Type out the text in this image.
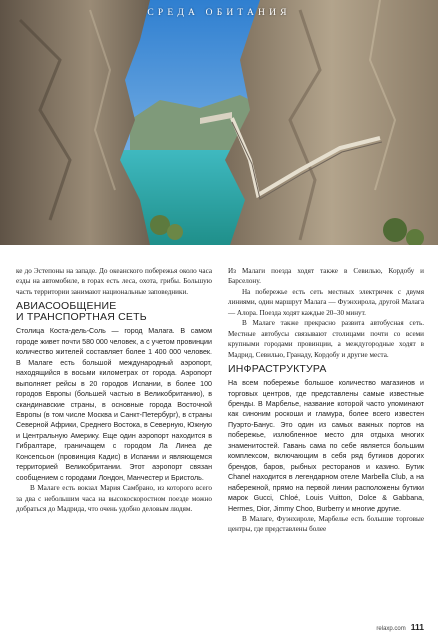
СРЕДА ОБИТАНИЯ

ке до Эстепоны на западе. До океанского побережья около часа езды на автомобиле, в горах есть леса, охота, грибы. Большую часть территории занимают национальные заповедники.

АВИАСООБЩЕНИЕ
И ТРАНСПОРТНАЯ СЕТЬ

Столица Коста-дель-Соль — город Малага. В самом городе живет почти 580 000 человек, а с учетом провинции количество жителей составляет более 1 400 000 человек. В Малаге есть большой международный аэропорт, находящийся в восьми километрах от города. Аэропорт выполняет рейсы в 20 городов Испании, в более 100 городов Европы (большей частью в Великобританию), в скандинавские страны, в основные города Восточной Европы (в том числе Москва и Санкт-Петербург), в страны Северной Африки, Среднего Востока, в Северную, Южную и Центральную Америку. Еще один аэропорт находится в Гибралтаре, граничащем с городом Ла Линеа де Консепсьон (провинция Кадис) в Испании и являющемся территорией Великобритании. Этот аэропорт связан сообщением с городами Лондон, Манчестер и Бристоль.

В Малаге есть вокзал Мария Самбрано, из которого всего за два с небольшим часа на высокоскоростном поезде можно добраться до Мадрида, что очень удобно деловым людям.

Из Малаги поезда ходят также в Севилью, Кордобу и Барселону.

На побережье есть сеть местных электричек с двумя линиями, один маршрут Малага — Фуэнхирола, другой Малага — Алора. Поезда ходят каждые 20–30 минут.

В Малаге также прекрасно развита автобусная сеть. Местные автобусы связывают столицами почти со всеми крупными городами провинции, а междугородные ходят в Мадрид, Севилью, Гранаду, Кордобу и другие места.

ИНФРАСТРУКТУРА

На всем побережье большое количество магазинов и торговых центров, где представлены самые известные бренды. В Марбелье, название которой часто упоминают как синоним роскоши и гламура, более всего известен Пуэрто-Банус. Это один из самых важных портов на побережье, излюбленное место для отдыха многих знаменитостей. Гавань сама по себе является большим комплексом, включающим в себя ряд бутиков дорогих брендов, баров, рыбных ресторанов и казино. Бутик Chanel находится в легендарном отеле Marbella Club, а на набережной, прямо на первой линии расположены бутики марок Gucci, Chloé, Louis Vuitton, Dolce & Gabbana, Hermes, Dior, Jimmy Choo, Burberry и многие другие.

В Малаге, Фуэнхироле, Марбелье есть большие торговые центры, где представлены более

relaxp.com 111
